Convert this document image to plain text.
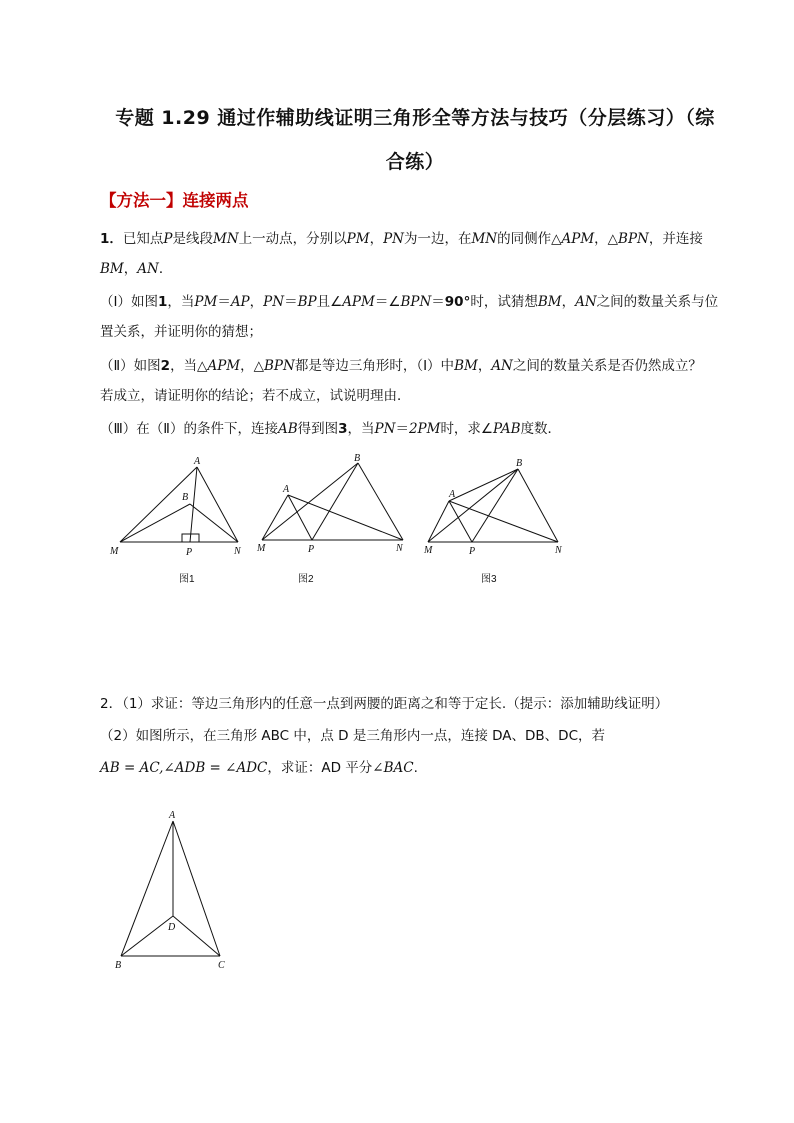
专题 1.29 通过作辅助线证明三角形全等方法与技巧（分层练习）（综
合练）
【方法一】连接两点
1．已知点P是线段MN上一动点，分别以PM，PN为一边，在MN的同侧作△APM，△BPN，并连接
BM，AN．
（Ⅰ）如图1，当PM＝AP，PN＝BP且∠APM＝∠BPN＝90°时，试猜想BM，AN之间的数量关系与位
置关系，并证明你的猜想；
（Ⅱ）如图2，当△APM，△BPN都是等边三角形时，（Ⅰ）中BM，AN之间的数量关系是否仍然成立？
若成立，请证明你的结论；若不成立，试说明理由．
（Ⅲ）在（Ⅱ）的条件下，连接AB得到图3，当PN＝2PM时，求∠PAB度数．
A
B
M	P	N
图1
B
A
M	P	N
图2
B
A
M	P	N
图3
2．（1）求证：等边三角形内的任意一点到两腰的距离之和等于定长.（提示：添加辅助线证明）
（2）如图所示，在三角形 ABC 中，点 D 是三角形内一点，连接 DA、DB、DC，若
AB = AC,∠ADB = ∠ADC，求证：AD 平分∠BAC.
A
D
B	C
